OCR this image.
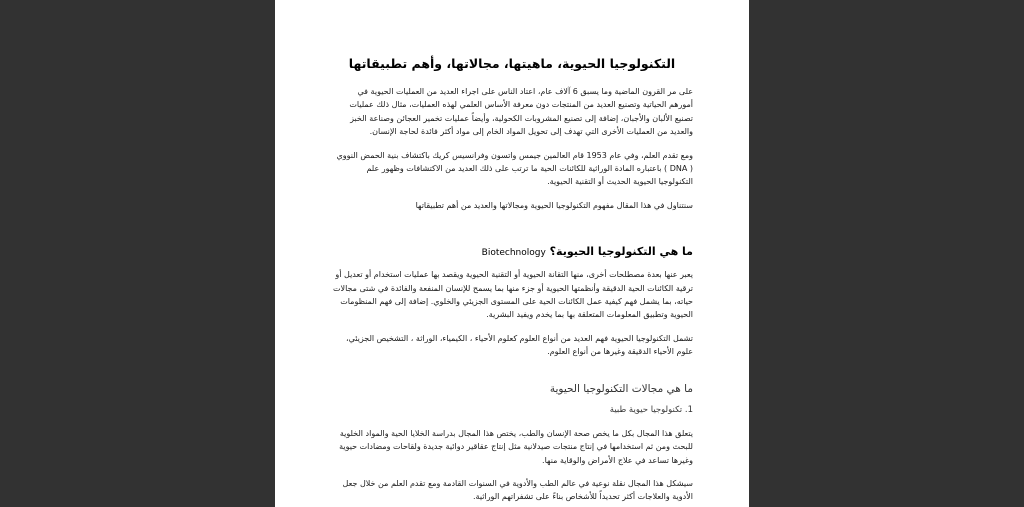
التكنولوجيا الحيوية، ماهيتها، مجالاتها، وأهم تطبيقاتها

على مر القرون الماضية وما يسبق 6 آلاف عام، اعتاد الناس على اجراء العديد من العمليات الحيوية في أمورهم الحياتية وتصنيع العديد من المنتجات دون معرفة الأساس العلمي لهذه العمليات، مثال ذلك عمليات تصنيع الألبان والأجبان، إضافة إلى تصنيع المشروبات الكحولية، وأيضاً عمليات تخمير العجائن وصناعة الخبز والعديد من العمليات الأخرى التي تهدف إلى تحويل المواد الخام إلى مواد أكثر فائدة لحاجة الإنسان.

ومع تقدم العلم، وفي عام 1953 قام العالمين جيمس واتسون وفرانسيس كريك باكتشاف بنية الحمض النووي ( DNA ) باعتباره المادة الوراثية للكائنات الحية ما ترتب على ذلك العديد من الاكتشافات وظهور علم التكنولوجيا الحيوية الحديث أو التقنية الحيوية.

سنتناول في هذا المقال مفهوم التكنولوجيا الحيوية ومجالاتها والعديد من أهم تطبيقاتها

ما هي التكنولوجيا الحيوية؟ Biotechnology

يعبر عنها بعدة مصطلحات أخرى، منها التقانة الحيوية أو التقنية الحيوية ويقصد بها عمليات استخدام أو تعديل أو ترقية الكائنات الحية الدقيقة وأنظمتها الحيوية أو جزء منها بما يسمح للإنسان المنفعة والفائدة في شتى مجالات حياته، بما يشمل فهم كيفية عمل الكائنات الحية على المستوى الجزيئي والخلوي. إضافة إلى فهم المنظومات الحيوية وتطبيق المعلومات المتعلقة بها بما يخدم ويفيد البشرية.

تشمل التكنولوجيا الحيوية فهم العديد من أنواع العلوم كعلوم الأحياء ، الكيمياء، الوراثة ، التشخيص الجزيئي، علوم الأحياء الدقيقة وغيرها من أنواع العلوم.

ما هي مجالات التكنولوجيا الحيوية
1. تكنولوجيا حيوية طبية

يتعلق هذا المجال بكل ما يخص صحة الإنسان والطب، يختص هذا المجال بدراسة الخلايا الحية والمواد الخلوية للبحث ومن ثم استخدامها في إنتاج منتجات صيدلانية مثل إنتاج عقاقير دوائية جديدة ولقاحات ومضادات حيوية وغيرها تساعد في علاج الأمراض والوقاية منها.

سيشكل هذا المجال نقلة نوعية في عالم الطب والأدوية في السنوات القادمة ومع تقدم العلم من خلال جعل الأدوية والعلاجات أكثر تحديداً للأشخاص بناءً على تشفراتهم الوراثية.
